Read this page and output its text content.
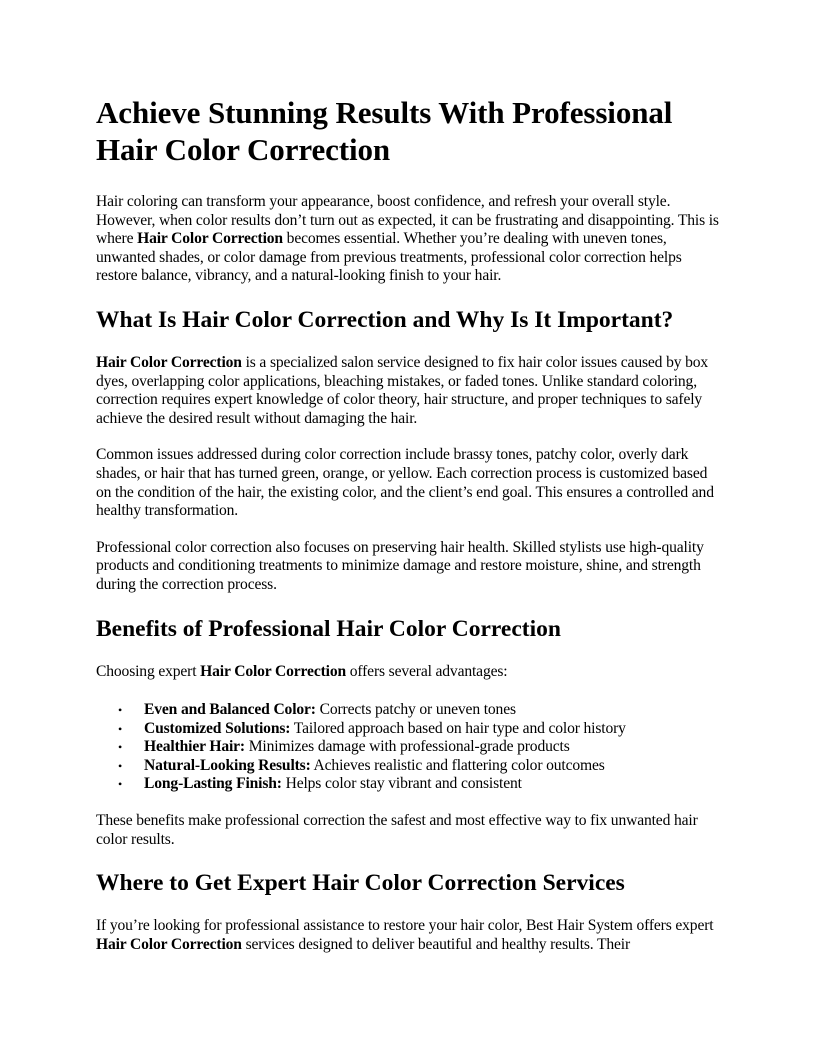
Achieve Stunning Results With Professional Hair Color Correction

Hair coloring can transform your appearance, boost confidence, and refresh your overall style. However, when color results don’t turn out as expected, it can be frustrating and disappointing. This is where Hair Color Correction becomes essential. Whether you’re dealing with uneven tones, unwanted shades, or color damage from previous treatments, professional color correction helps restore balance, vibrancy, and a natural-looking finish to your hair.

What Is Hair Color Correction and Why Is It Important?

Hair Color Correction is a specialized salon service designed to fix hair color issues caused by box dyes, overlapping color applications, bleaching mistakes, or faded tones. Unlike standard coloring, correction requires expert knowledge of color theory, hair structure, and proper techniques to safely achieve the desired result without damaging the hair.

Common issues addressed during color correction include brassy tones, patchy color, overly dark shades, or hair that has turned green, orange, or yellow. Each correction process is customized based on the condition of the hair, the existing color, and the client’s end goal. This ensures a controlled and healthy transformation.

Professional color correction also focuses on preserving hair health. Skilled stylists use high-quality products and conditioning treatments to minimize damage and restore moisture, shine, and strength during the correction process.

Benefits of Professional Hair Color Correction

Choosing expert Hair Color Correction offers several advantages:

• Even and Balanced Color: Corrects patchy or uneven tones
• Customized Solutions: Tailored approach based on hair type and color history
• Healthier Hair: Minimizes damage with professional-grade products
• Natural-Looking Results: Achieves realistic and flattering color outcomes
• Long-Lasting Finish: Helps color stay vibrant and consistent

These benefits make professional correction the safest and most effective way to fix unwanted hair color results.

Where to Get Expert Hair Color Correction Services

If you’re looking for professional assistance to restore your hair color, Best Hair System offers expert Hair Color Correction services designed to deliver beautiful and healthy results. Their
